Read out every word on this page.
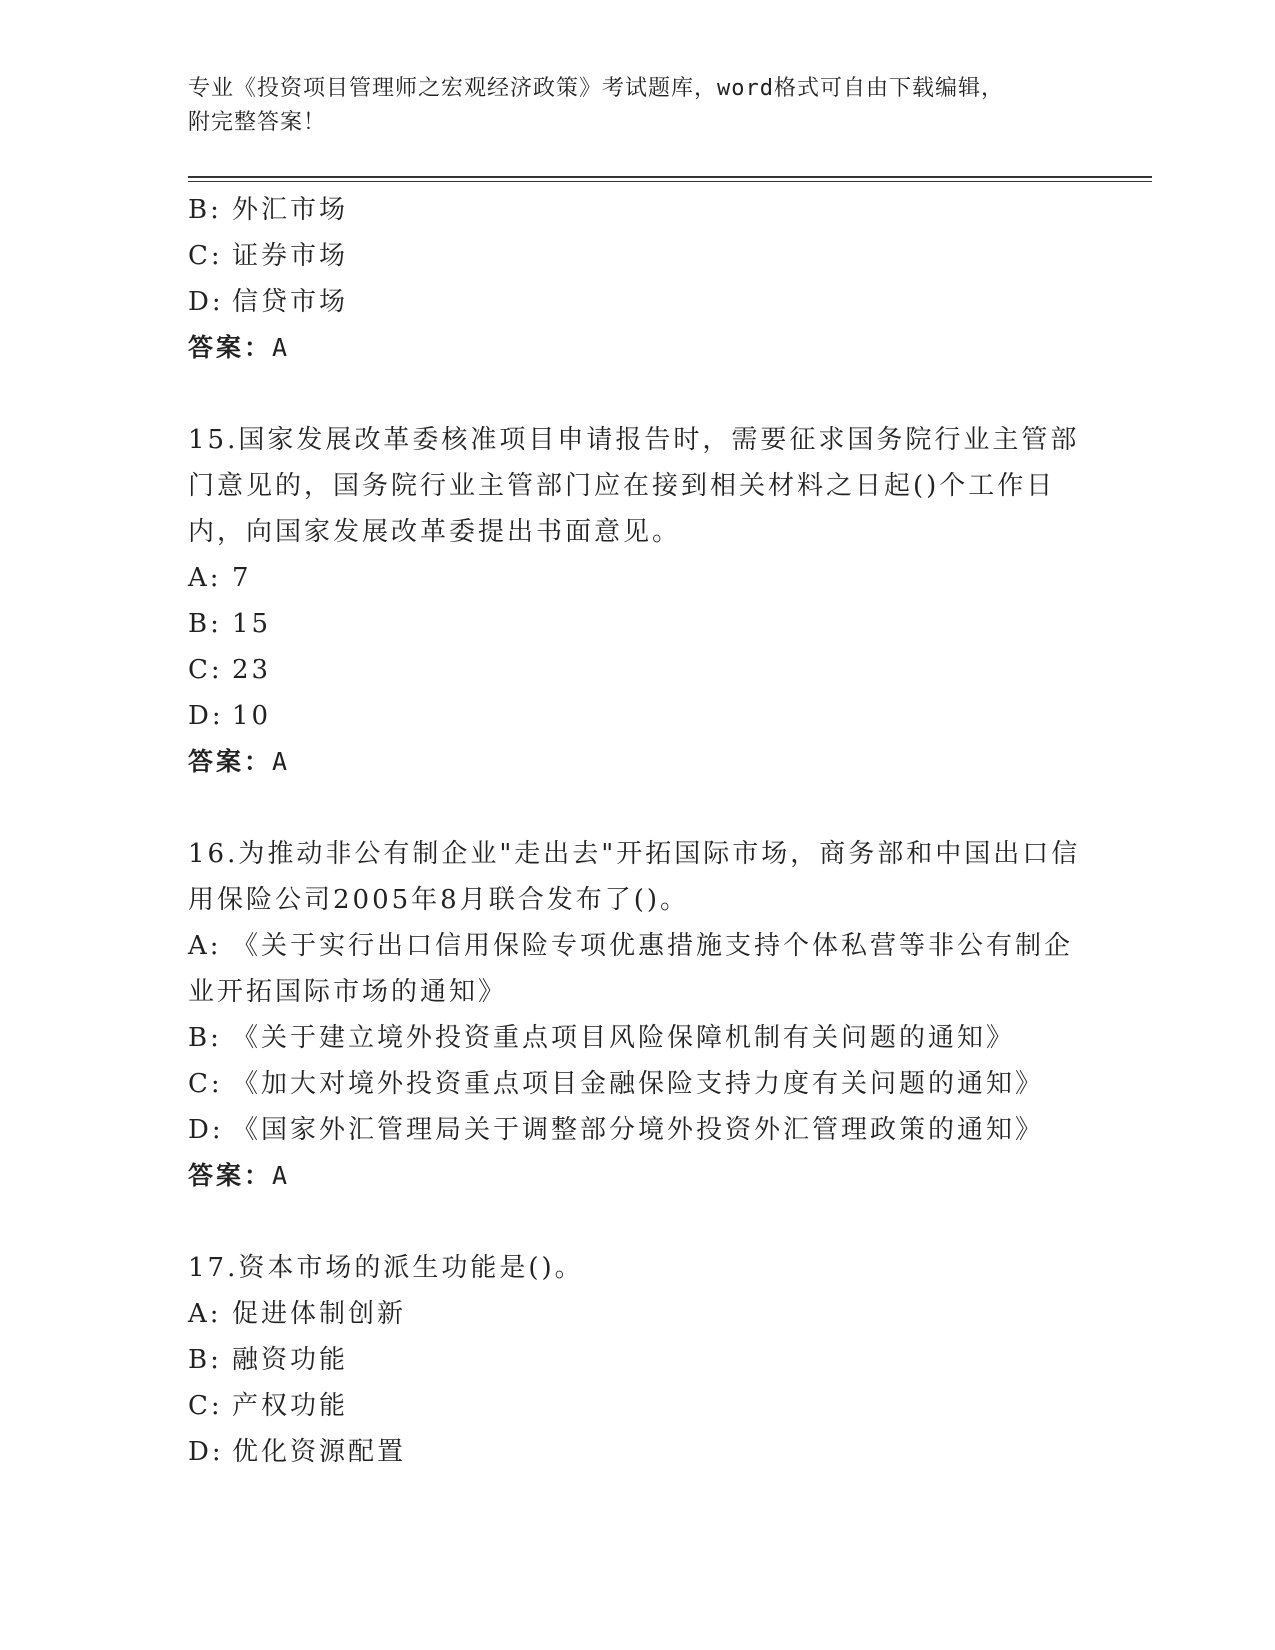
专业《投资项目管理师之宏观经济政策》考试题库，word格式可自由下载编辑，
附完整答案！
B: 外汇市场
C: 证券市场
D: 信贷市场
答案：A
15.国家发展改革委核准项目申请报告时，需要征求国务院行业主管部
门意见的，国务院行业主管部门应在接到相关材料之日起()个工作日
内，向国家发展改革委提出书面意见。
A: 7
B: 15
C: 23
D: 10
答案：A
16.为推动非公有制企业"走出去"开拓国际市场，商务部和中国出口信
用保险公司2005年8月联合发布了()。
A: 《关于实行出口信用保险专项优惠措施支持个体私营等非公有制企
业开拓国际市场的通知》
B: 《关于建立境外投资重点项目风险保障机制有关问题的通知》
C: 《加大对境外投资重点项目金融保险支持力度有关问题的通知》
D: 《国家外汇管理局关于调整部分境外投资外汇管理政策的通知》
答案：A
17.资本市场的派生功能是()。
A: 促进体制创新
B: 融资功能
C: 产权功能
D: 优化资源配置
